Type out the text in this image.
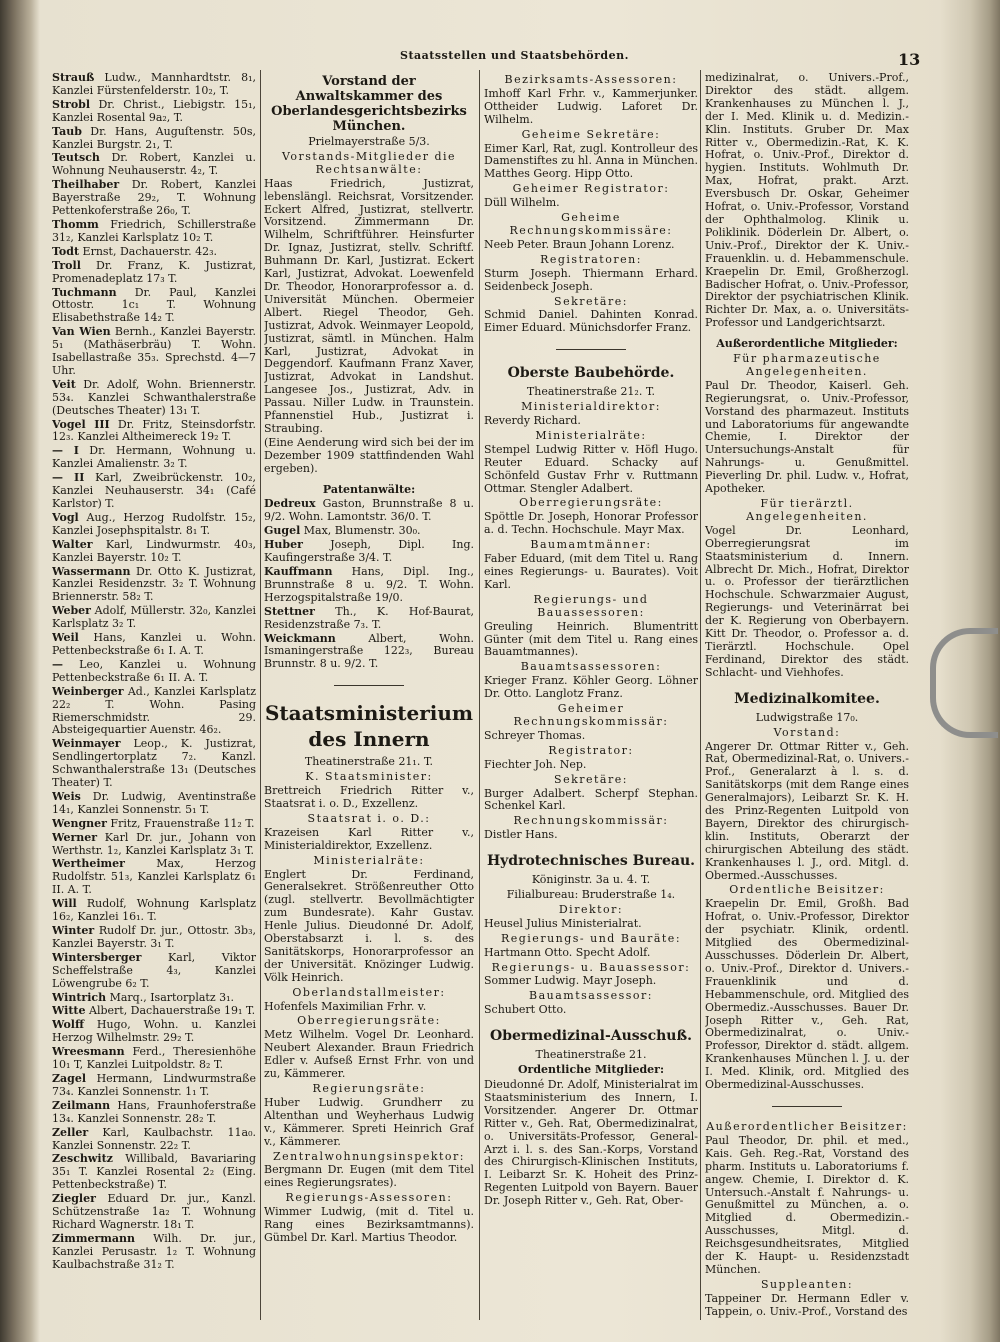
Staatsstellen und Staatsbehörden.	13
Strauß Ludw., Mannhardtstr. 8₁, Kanzlei Fürstenfelderstr. 10₂, T.
Strobl Dr. Christ., Liebigstr. 15₁, Kanzlei Rosental 9a₂, T.
Taub Dr. Hans, Auguſtenstr. 50s, Kanzlei Burgstr. 2₁, T.
Teutsch Dr. Robert, Kanzlei u. Wohnung Neuhauserstr. 4₂, T.
Theilhaber Dr. Robert, Kanzlei Bayerstraße 29₂, T. Wohnung Pettenkoferstraße 26₀, T.
Thomm Friedrich, Schillerstraße 31₂, Kanzlei Karlsplatz 10₂ T.
Todt Ernst, Dachauerstr. 42₃.
Troll Dr. Franz, K. Justizrat, Promenadeplatz 17₃ T.
Tuchmann Dr. Paul, Kanzlei Ottostr. 1c₁ T. Wohnung Elisabethstraße 14₂ T.
Van Wien Bernh., Kanzlei Bayerstr. 5₁ (Mathäserbräu) T. Wohn. Isabellastraße 35₃. Sprechstd. 4—7 Uhr.
Veit Dr. Adolf, Wohn. Briennerstr. 53₄. Kanzlei Schwanthalerstraße (Deutsches Theater) 13₁ T.
Vogel III Dr. Fritz, Steinsdorfstr. 12₃. Kanzlei Altheimereck 19₂ T.
— I Dr. Hermann, Wohnung u. Kanzlei Amalienstr. 3₂ T.
— II Karl, Zweibrückenstr. 10₂, Kanzlei Neuhauserstr. 34₁ (Café Karlstor) T.
Vogl Aug., Herzog Rudolfstr. 15₂, Kanzlei Josephspitalstr. 8₁ T.
Walter Karl, Lindwurmstr. 40₃, Kanzlei Bayerstr. 10₂ T.
Wassermann Dr. Otto K. Justizrat, Kanzlei Residenzstr. 3₂ T. Wohnung Briennerstr. 58₂ T.
Weber Adolf, Müllerstr. 32₀, Kanzlei Karlsplatz 3₂ T.
Weil Hans, Kanzlei u. Wohn. Pettenbeckstraße 6₁ I. A. T.
— Leo, Kanzlei u. Wohnung Pettenbeckstraße 6₁ II. A. T.
Weinberger Ad., Kanzlei Karlsplatz 22₂ T. Wohn. Pasing Riemerschmidstr. 29. Absteigequartier Auenstr. 46₂.
Weinmayer Leop., K. Justizrat, Sendlingertorplatz 7₂. Kanzl. Schwanthalerstraße 13₁ (Deutsches Theater) T.
Weis Dr. Ludwig, Aventinstraße 14₁, Kanzlei Sonnenstr. 5₁ T.
Wengner Fritz, Frauenstraße 11₂ T.
Werner Karl Dr. jur., Johann von Werthstr. 1₂, Kanzlei Karlsplatz 3₁ T.
Wertheimer Max, Herzog Rudolfstr. 51₃, Kanzlei Karlsplatz 6₁ II. A. T.
Will Rudolf, Wohnung Karlsplatz 16₂, Kanzlei 16₁. T.
Winter Rudolf Dr. jur., Ottostr. 3b₃, Kanzlei Bayerstr. 3₁ T.
Wintersberger Karl, Viktor Scheffelstraße 4₃, Kanzlei Löwengrube 6₂ T.
Wintrich Marq., Isartorplatz 3₁.
Witte Albert, Dachauerstraße 19₁ T.
Wolff Hugo, Wohn. u. Kanzlei Herzog Wilhelmstr. 29₂ T.
Wreesmann Ferd., Theresienhöhe 10₁ T, Kanzlei Luitpoldstr. 8₂ T.
Zagel Hermann, Lindwurmstraße 73₄. Kanzlei Sonnenstr. 1₁ T.
Zeilmann Hans, Fraunhoferstraße 13₄. Kanzlei Sonnenstr. 28₂ T.
Zeller Karl, Kaulbachstr. 11a₀. Kanzlei Sonnenstr. 22₂ T.
Zeschwitz Willibald, Bavariaring 35₁ T. Kanzlei Rosental 2₂ (Eing. Pettenbeckstraße) T.
Ziegler Eduard Dr. jur., Kanzl. Schützenstraße 1a₂ T. Wohnung Richard Wagnerstr. 18₁ T.
Zimmermann Wilh. Dr. jur., Kanzlei Perusastr. 1₂ T. Wohnung Kaulbachstraße 31₂ T.
Vorstand der Anwaltskammer des Oberlandesgerichtsbezirks München.
Prielmayerstraße 5/3.
Vorstands-Mitglieder die Rechtsanwälte:
Haas Friedrich, Justizrat, lebenslängl. Reichsrat, Vorsitzender. Eckert Alfred, Justizrat, stellvertr. Vorsitzend. Zimmermann Dr. Wilhelm, Schriftführer. Heinsfurter Dr. Ignaz, Justizrat, stellv. Schriftf. Buhmann Dr. Karl, Justizrat. Eckert Karl, Justizrat, Advokat. Loewenfeld Dr. Theodor, Honorarprofessor a. d. Universität München. Obermeier Albert. Riegel Theodor, Geh. Justizrat, Advok. Weinmayer Leopold, Justizrat, sämtl. in München. Halm Karl, Justizrat, Advokat in Deggendorf. Kaufmann Franz Xaver, Justizrat, Advokat in Landshut. Langesee Jos., Justizrat, Adv. in Passau. Niller Ludw. in Traunstein. Pfannenstiel Hub., Justizrat i. Straubing.
(Eine Aenderung wird sich bei der im Dezember 1909 stattfindenden Wahl ergeben).
Patentanwälte:
Dedreux Gaston, Brunnstraße 8 u. 9/2. Wohn. Lamontstr. 36/0. T.
Gugel Max, Blumenstr. 30₀.
Huber Joseph, Dipl. Ing. Kaufingerstraße 3/4. T.
Kauffmann Hans, Dipl. Ing., Brunnstraße 8 u. 9/2. T. Wohn. Herzogspitalstraße 19/0.
Stettner Th., K. Hof-Baurat, Residenzstraße 7₃. T.
Weickmann Albert, Wohn. Ismaningerstraße 122₃, Bureau Brunnstr. 8 u. 9/2. T.
Staatsministerium des Innern
Theatinerstraße 21₁. T.
K. Staatsminister:
Brettreich Friedrich Ritter v., Staatsrat i. o. D., Exzellenz.
Staatsrat i. o. D.:
Krazeisen Karl Ritter v., Ministerialdirektor, Exzellenz.
Ministerialräte:
Englert Dr. Ferdinand, Generalsekret. Strößenreuther Otto (zugl. stellvertr. Bevollmächtigter zum Bundesrate). Kahr Gustav. Henle Julius. Dieudonné Dr. Adolf, Oberstabsarzt i. l. s. des Sanitätskorps, Honorarprofessor an der Universität. Knözinger Ludwig. Völk Heinrich.
Oberlandstallmeister:
Hofenfels Maximilian Frhr. v.
Oberregierungsräte:
Metz Wilhelm. Vogel Dr. Leonhard. Neubert Alexander. Braun Friedrich Edler v. Aufseß Ernst Frhr. von und zu, Kämmerer.
Regierungsräte:
Huber Ludwig. Grundherr zu Altenthan und Weyherhaus Ludwig v., Kämmerer. Spreti Heinrich Graf v., Kämmerer.
Zentralwohnungsinspektor:
Bergmann Dr. Eugen (mit dem Titel eines Regierungsrates).
Regierungs-Assessoren:
Wimmer Ludwig, (mit d. Titel u. Rang eines Bezirksamtmanns). Gümbel Dr. Karl. Martius Theodor.
Bezirksamts-Assessoren:
Imhoff Karl Frhr. v., Kammerjunker. Ottheider Ludwig. Laforet Dr. Wilhelm.
Geheime Sekretäre:
Eimer Karl, Rat, zugl. Kontrolleur des Damenstiftes zu hl. Anna in München. Matthes Georg. Hipp Otto.
Geheimer Registrator:
Düll Wilhelm.
Geheime Rechnungskommissäre:
Neeb Peter. Braun Johann Lorenz.
Registratoren:
Sturm Joseph. Thiermann Erhard. Seidenbeck Joseph.
Sekretäre:
Schmid Daniel. Dahinten Konrad. Eimer Eduard. Münichsdorfer Franz.
Oberste Baubehörde.
Theatinerstraße 21₂. T.
Ministerialdirektor:
Reverdy Richard.
Ministerialräte:
Stempel Ludwig Ritter v. Höfl Hugo. Reuter Eduard. Schacky auf Schönfeld Gustav Frhr v. Ruttmann Ottmar. Stengler Adalbert.
Oberregierungsräte:
Spöttle Dr. Joseph, Honorar Professor a. d. Techn. Hochschule. Mayr Max.
Baumamtmänner:
Faber Eduard, (mit dem Titel u. Rang eines Regierungs- u. Baurates). Voit Karl.
Regierungs- und Bauassessoren:
Greuling Heinrich. Blumentritt Günter (mit dem Titel u. Rang eines Bauamtmannes).
Bauamtsassessoren:
Krieger Franz. Köhler Georg. Löhner Dr. Otto. Langlotz Franz.
Geheimer Rechnungskommissär:
Schreyer Thomas.
Registrator:
Fiechter Joh. Nep.
Sekretäre:
Burger Adalbert. Scherpf Stephan. Schenkel Karl.
Rechnungskommissär:
Distler Hans.
Hydrotechnisches Bureau.
Königinstr. 3a u. 4. T.
Filialbureau: Bruderstraße 1₄.
Direktor:
Heusel Julius Ministerialrat.
Regierungs- und Bauräte:
Hartmann Otto. Specht Adolf.
Regierungs- u. Bauassessor:
Sommer Ludwig. Mayr Joseph.
Bauamtsassessor:
Schubert Otto.
Obermedizinal-Ausschuß.
Theatinerstraße 21.
Ordentliche Mitglieder:
Dieudonné Dr. Adolf, Ministerialrat im Staatsministerium des Innern, I. Vorsitzender. Angerer Dr. Ottmar Ritter v., Geh. Rat, Obermedizinalrat, o. Universitäts-Professor, General-Arzt i. l. s. des San.-Korps, Vorstand des Chirurgisch-Klinischen Instituts, I. Leibarzt Sr. K. Hoheit des Prinz-Regenten Luitpold von Bayern. Bauer Dr. Joseph Ritter v., Geh. Rat, Ober-
medizinalrat, o. Univers.-Prof., Direktor des städt. allgem. Krankenhauses zu München l. J., der I. Med. Klinik u. d. Medizin.-Klin. Instituts. Gruber Dr. Max Ritter v., Obermedizin.-Rat, K. K. Hofrat, o. Univ.-Prof., Direktor d. hygien. Instituts. Wohlmuth Dr. Max, Hofrat, prakt. Arzt. Eversbusch Dr. Oskar, Geheimer Hofrat, o. Univ.-Professor, Vorstand der Ophthalmolog. Klinik u. Poliklinik. Döderlein Dr. Albert, o. Univ.-Prof., Direktor der K. Univ.-Frauenklin. u. d. Hebammenschule. Kraepelin Dr. Emil, Großherzogl. Badischer Hofrat, o. Univ.-Professor, Direktor der psychiatrischen Klinik. Richter Dr. Max, a. o. Universitäts-Professor und Landgerichtsarzt.
Außerordentliche Mitglieder:
Für pharmazeutische Angelegenheiten.
Paul Dr. Theodor, Kaiserl. Geh. Regierungsrat, o. Univ.-Professor, Vorstand des pharmazeut. Instituts und Laboratoriums für angewandte Chemie, I. Direktor der Untersuchungs-Anstalt für Nahrungs- u. Genußmittel. Pieverling Dr. phil. Ludw. v., Hofrat, Apotheker.
Für tierärztl. Angelegenheiten.
Vogel Dr. Leonhard, Oberregierungsrat im Staatsministerium d. Innern. Albrecht Dr. Mich., Hofrat, Direktor u. o. Professor der tierärztlichen Hochschule. Schwarzmaier August, Regierungs- und Veterinärrat bei der K. Regierung von Oberbayern. Kitt Dr. Theodor, o. Professor a. d. Tierärztl. Hochschule. Opel Ferdinand, Direktor des städt. Schlacht- und Viehhofes.
Medizinalkomitee.
Ludwigstraße 17₀.
Vorstand:
Angerer Dr. Ottmar Ritter v., Geh. Rat, Obermedizinal-Rat, o. Univers.-Prof., Generalarzt à l. s. d. Sanitätskorps (mit dem Range eines Generalmajors), Leibarzt Sr. K. H. des Prinz-Regenten Luitpold von Bayern, Direktor des chirurgisch-klin. Instituts, Oberarzt der chirurgischen Abteilung des städt. Krankenhauses l. J., ord. Mitgl. d. Obermed.-Ausschusses.
Ordentliche Beisitzer:
Kraepelin Dr. Emil, Großh. Bad Hofrat, o. Univ.-Professor, Direktor der psychiatr. Klinik, ordentl. Mitglied des Obermedizinal-Ausschusses. Döderlein Dr. Albert, o. Univ.-Prof., Direktor d. Univers.-Frauenklinik und d. Hebammenschule, ord. Mitglied des Obermediz.-Ausschusses. Bauer Dr. Joseph Ritter v., Geh. Rat, Obermedizinalrat, o. Univ.-Professor, Direktor d. städt. allgem. Krankenhauses München l. J. u. der I. Med. Klinik, ord. Mitglied des Obermedizinal-Ausschusses.
Außerordentlicher Beisitzer:
Paul Theodor, Dr. phil. et med., Kais. Geh. Reg.-Rat, Vorstand des pharm. Instituts u. Laboratoriums f. angew. Chemie, I. Direktor d. K. Untersuch.-Anstalt f. Nahrungs- u. Genußmittel zu München, a. o. Mitglied d. Obermedizin.-Ausschusses, Mitgl. d. Reichsgesundheitsrates, Mitglied der K. Haupt- u. Residenzstadt München.
Suppleanten:
Tappeiner Dr. Hermann Edler v. Tappein, o. Univ.-Prof., Vorstand des
